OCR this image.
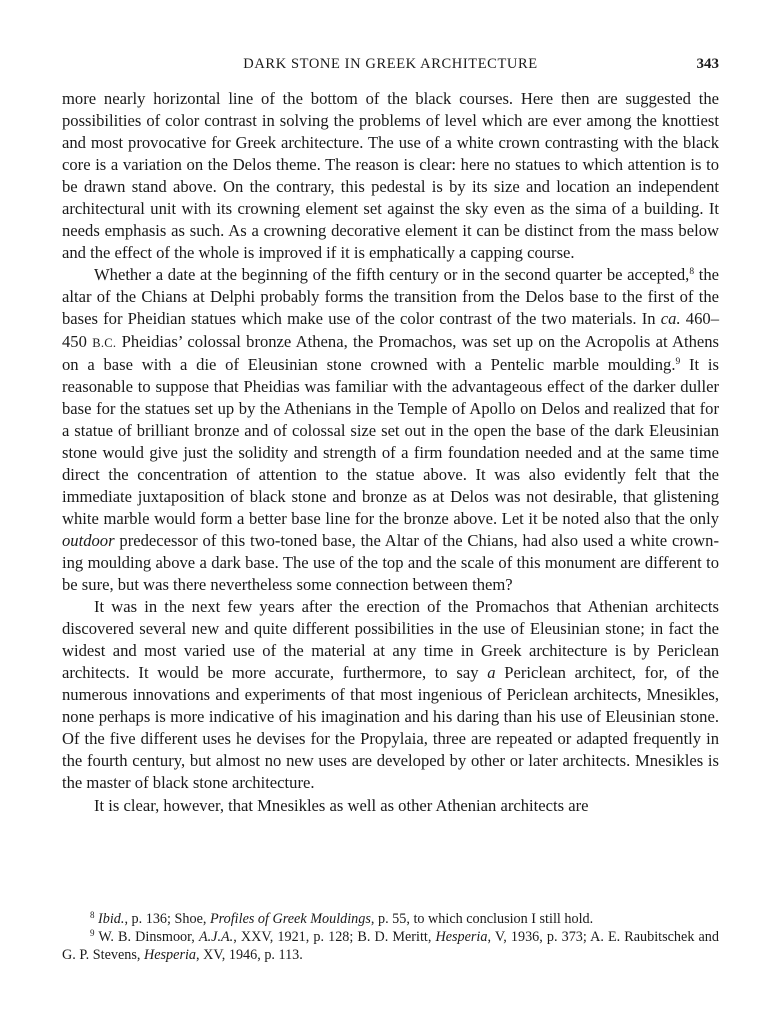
DARK STONE IN GREEK ARCHITECTURE	343

more nearly horizontal line of the bottom of the black courses. Here then are suggested the possibilities of color contrast in solving the problems of level which are ever among the knottiest and most provocative for Greek architecture. The use of a white crown contrasting with the black core is a variation on the Delos theme. The reason is clear: here no statues to which attention is to be drawn stand above. On the contrary, this pedestal is by its size and location an independent architectural unit with its crowning element set against the sky even as the sima of a building. It needs emphasis as such. As a crowning decorative element it can be distinct from the mass below and the effect of the whole is improved if it is emphatically a capping course.

Whether a date at the beginning of the fifth century or in the second quarter be accepted,$^8$ the altar of the Chians at Delphi probably forms the transition from the Delos base to the first of the bases for Pheidian statues which make use of the color contrast of the two materials. In ca. 460–450 B.C. Pheidias’ colossal bronze Athena, the Promachos, was set up on the Acropolis at Athens on a base with a die of Eleusinian stone crowned with a Pentelic marble moulding.$^9$ It is reasonable to suppose that Pheidias was familiar with the advantageous effect of the darker duller base for the statues set up by the Athenians in the Temple of Apollo on Delos and realized that for a statue of brilliant bronze and of colossal size set out in the open the base of the dark Eleusinian stone would give just the solidity and strength of a firm foundation needed and at the same time direct the concentration of attention to the statue above. It was also evidently felt that the immediate juxtaposition of black stone and bronze as at Delos was not desirable, that glistening white marble would form a better base line for the bronze above. Let it be noted also that the only outdoor predecessor of this two-toned base, the Altar of the Chians, had also used a white crowning moulding above a dark base. The use of the top and the scale of this monument are different to be sure, but was there nevertheless some connection between them?

It was in the next few years after the erection of the Promachos that Athenian architects discovered several new and quite different possibilities in the use of Eleusinian stone; in fact the widest and most varied use of the material at any time in Greek architecture is by Periclean architects. It would be more accurate, furthermore, to say a Periclean architect, for, of the numerous innovations and experiments of that most ingenious of Periclean architects, Mnesikles, none perhaps is more indicative of his imagination and his daring than his use of Eleusinian stone. Of the five different uses he devises for the Propylaia, three are repeated or adapted frequently in the fourth century, but almost no new uses are developed by other or later architects. Mnesikles is the master of black stone architecture.

It is clear, however, that Mnesikles as well as other Athenian architects are

$^8$ Ibid., p. 136; Shoe, Profiles of Greek Mouldings, p. 55, to which conclusion I still hold.

$^9$ W. B. Dinsmoor, A.J.A., XXV, 1921, p. 128; B. D. Meritt, Hesperia, V, 1936, p. 373; A. E. Raubitschek and G. P. Stevens, Hesperia, XV, 1946, p. 113.
